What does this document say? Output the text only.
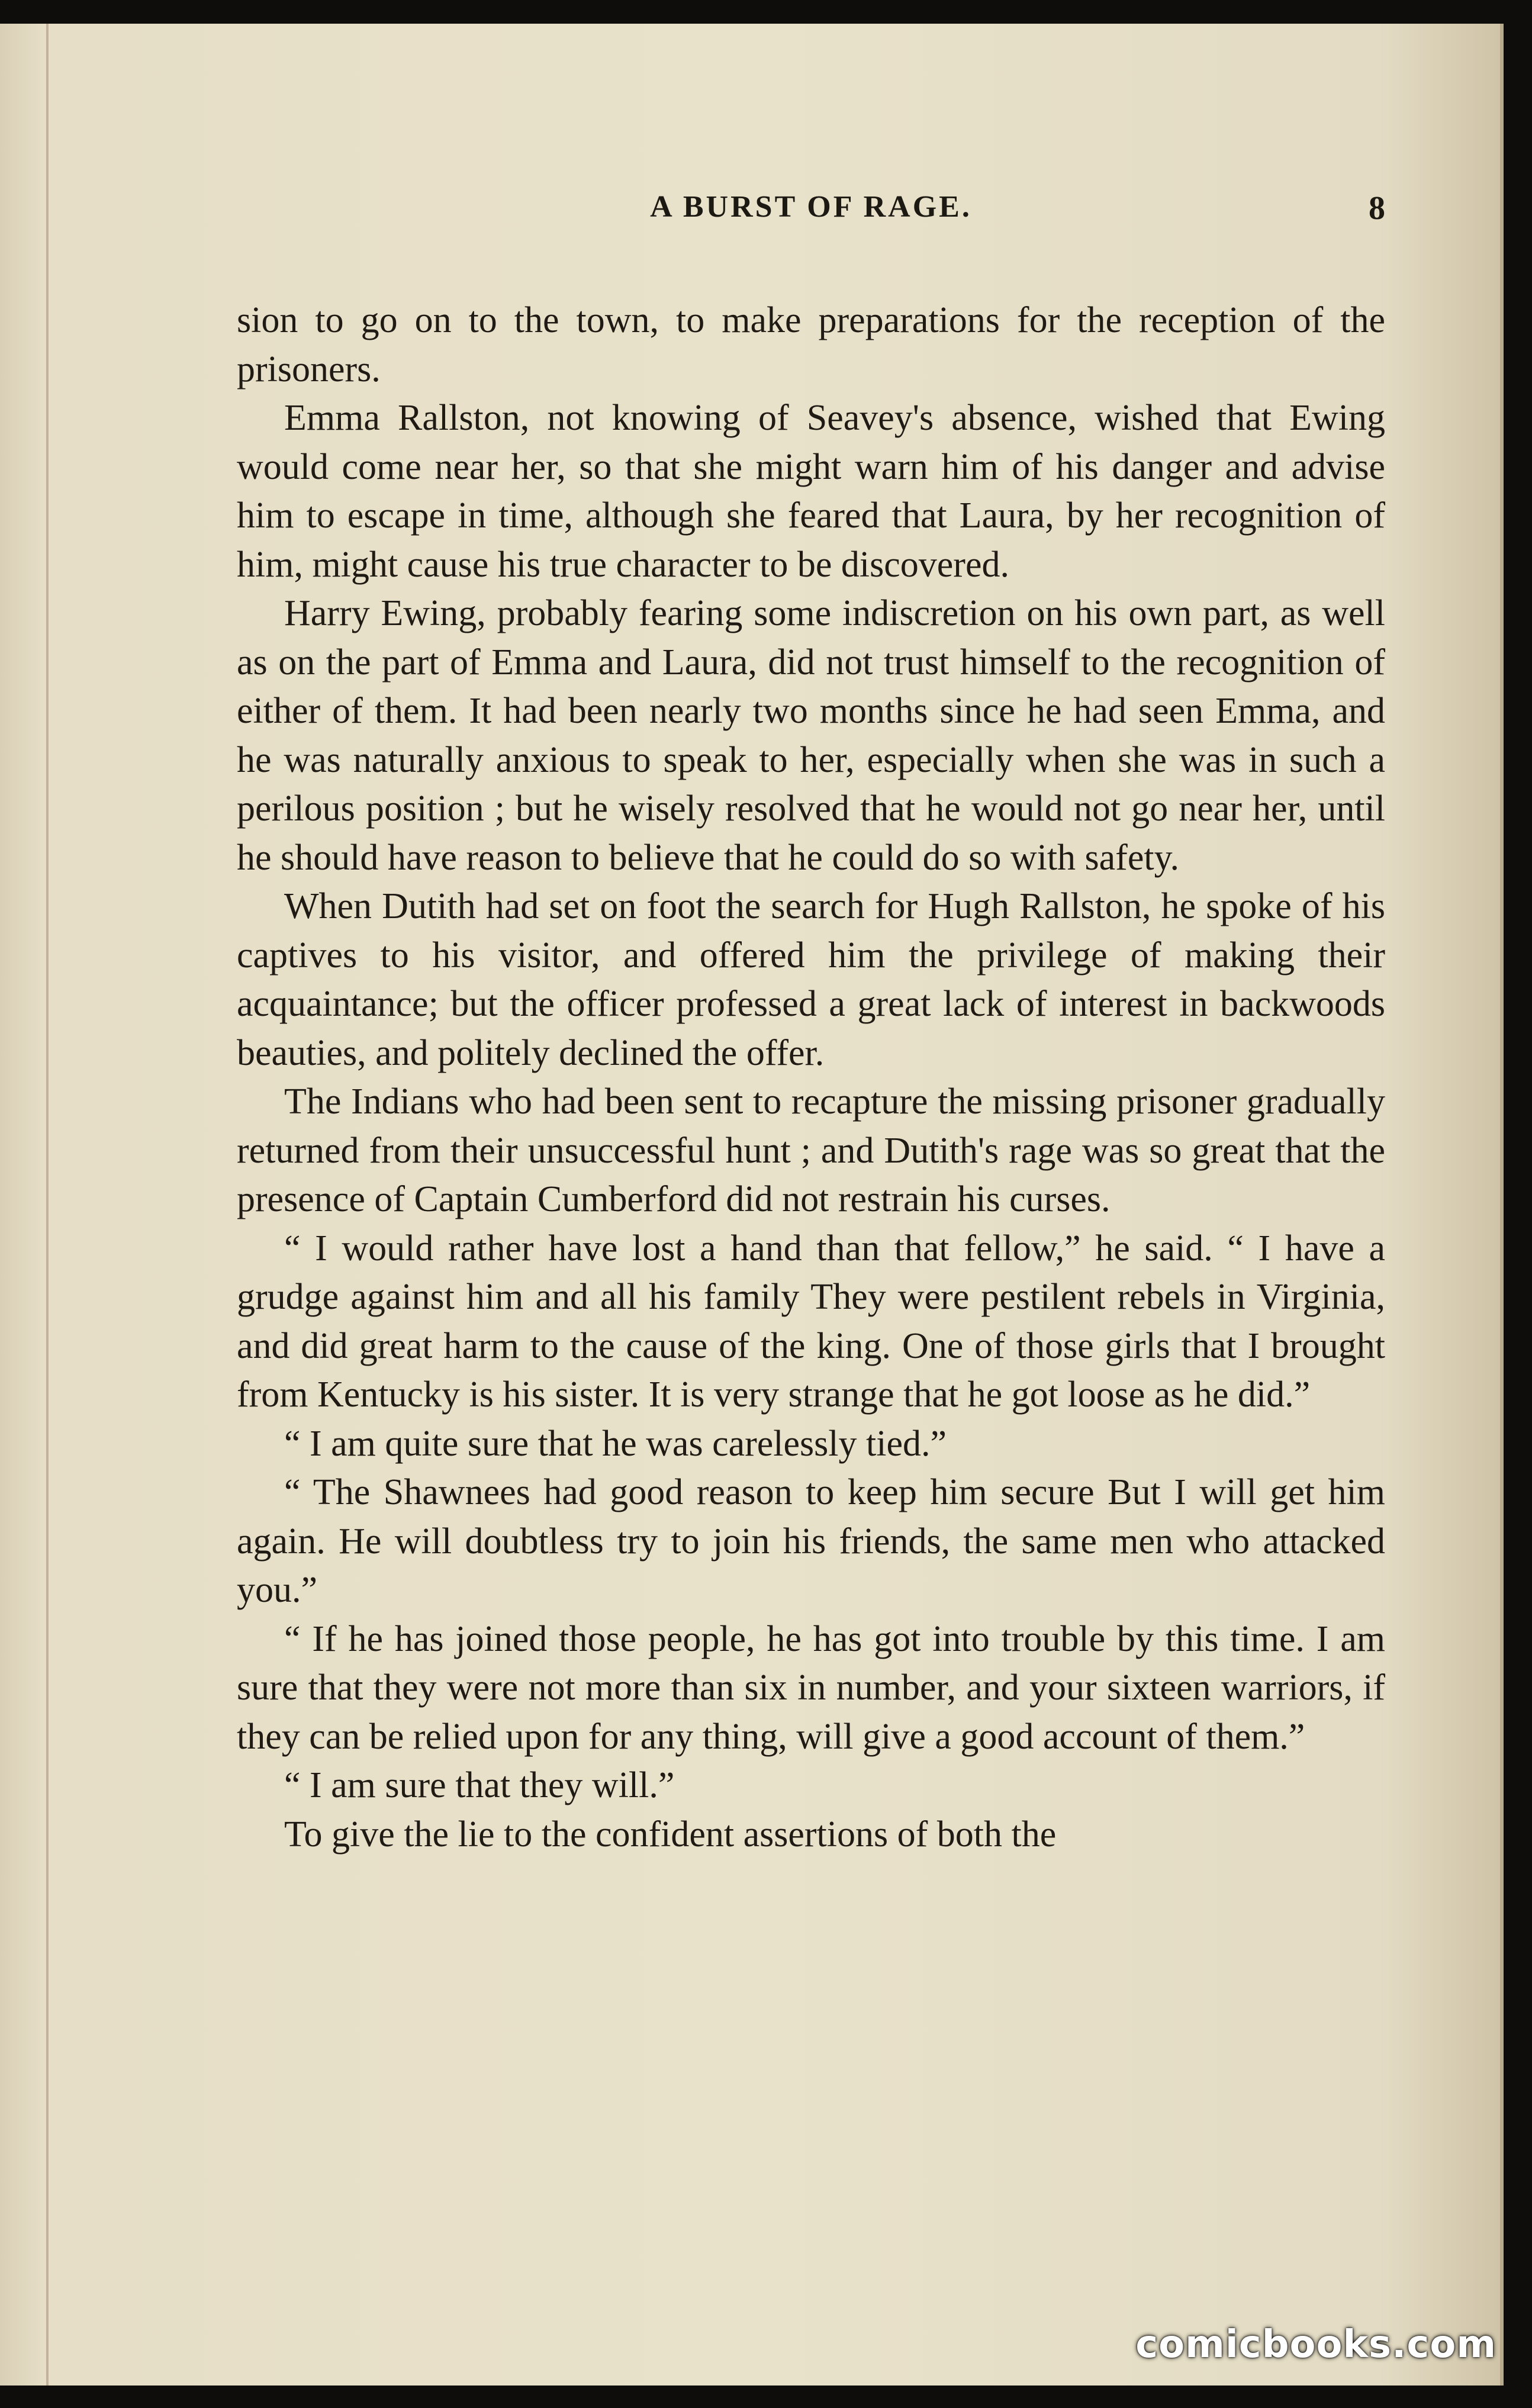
A BURST OF RAGE.	8

sion to go on to the town, to make preparations for the reception of the prisoners.

Emma Rallston, not knowing of Seavey's absence, wished that Ewing would come near her, so that she might warn him of his danger and advise him to escape in time, although she feared that Laura, by her recognition of him, might cause his true character to be discovered.

Harry Ewing, probably fearing some indiscretion on his own part, as well as on the part of Emma and Laura, did not trust himself to the recognition of either of them. It had been nearly two months since he had seen Emma, and he was naturally anxious to speak to her, especially when she was in such a perilous position ; but he wisely resolved that he would not go near her, until he should have reason to believe that he could do so with safety.

When Dutith had set on foot the search for Hugh Rallston, he spoke of his captives to his visitor, and offered him the privilege of making their acquaintance; but the officer professed a great lack of interest in backwoods beauties, and politely declined the offer.

The Indians who had been sent to recapture the missing prisoner gradually returned from their unsuccessful hunt ; and Dutith's rage was so great that the presence of Captain Cumberford did not restrain his curses.

“ I would rather have lost a hand than that fellow,” he said. “ I have a grudge against him and all his family They were pestilent rebels in Virginia, and did great harm to the cause of the king. One of those girls that I brought from Kentucky is his sister. It is very strange that he got loose as he did.”

“ I am quite sure that he was carelessly tied.”

“ The Shawnees had good reason to keep him secure But I will get him again. He will doubtless try to join his friends, the same men who attacked you.”

“ If he has joined those people, he has got into trouble by this time. I am sure that they were not more than six in number, and your sixteen warriors, if they can be relied upon for any thing, will give a good account of them.”

“ I am sure that they will.”

To give the lie to the confident assertions of both the

comicbooks.com
